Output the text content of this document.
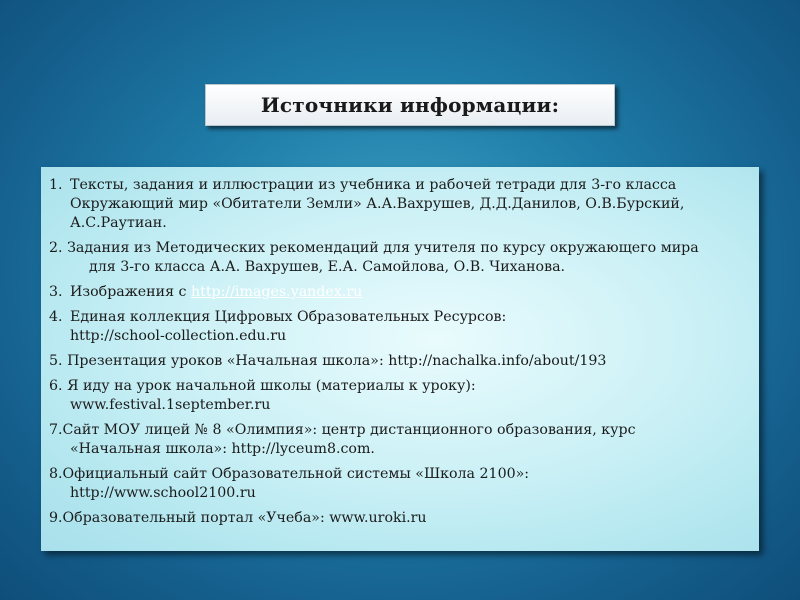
Источники информации:
1. Тексты, задания и иллюстрации из учебника и рабочей тетради для 3-го класса
Окружающий мир «Обитатели Земли» А.А.Вахрушев, Д.Д.Данилов, О.В.Бурский,
А.С.Раутиан.
2. Задания из Методических рекомендаций для учителя по курсу окружающего мира
для 3-го класса А.А. Вахрушев, Е.А. Самойлова, О.В. Чиханова.
3. Изображения с http://images.yandex.ru
4. Единая коллекция Цифровых Образовательных Ресурсов:
http://school-collection.edu.ru
5. Презентация уроков «Начальная школа»: http://nachalka.info/about/193
6. Я иду на урок начальной школы (материалы к уроку):
www.festival.1september.ru
7.Сайт МОУ лицей № 8 «Олимпия»: центр дистанционного образования, курс
«Начальная школа»: http://lyceum8.com.
8.Официальный сайт Образовательной системы «Школа 2100»:
http://www.school2100.ru
9.Образовательный портал «Учеба»: www.uroki.ru
